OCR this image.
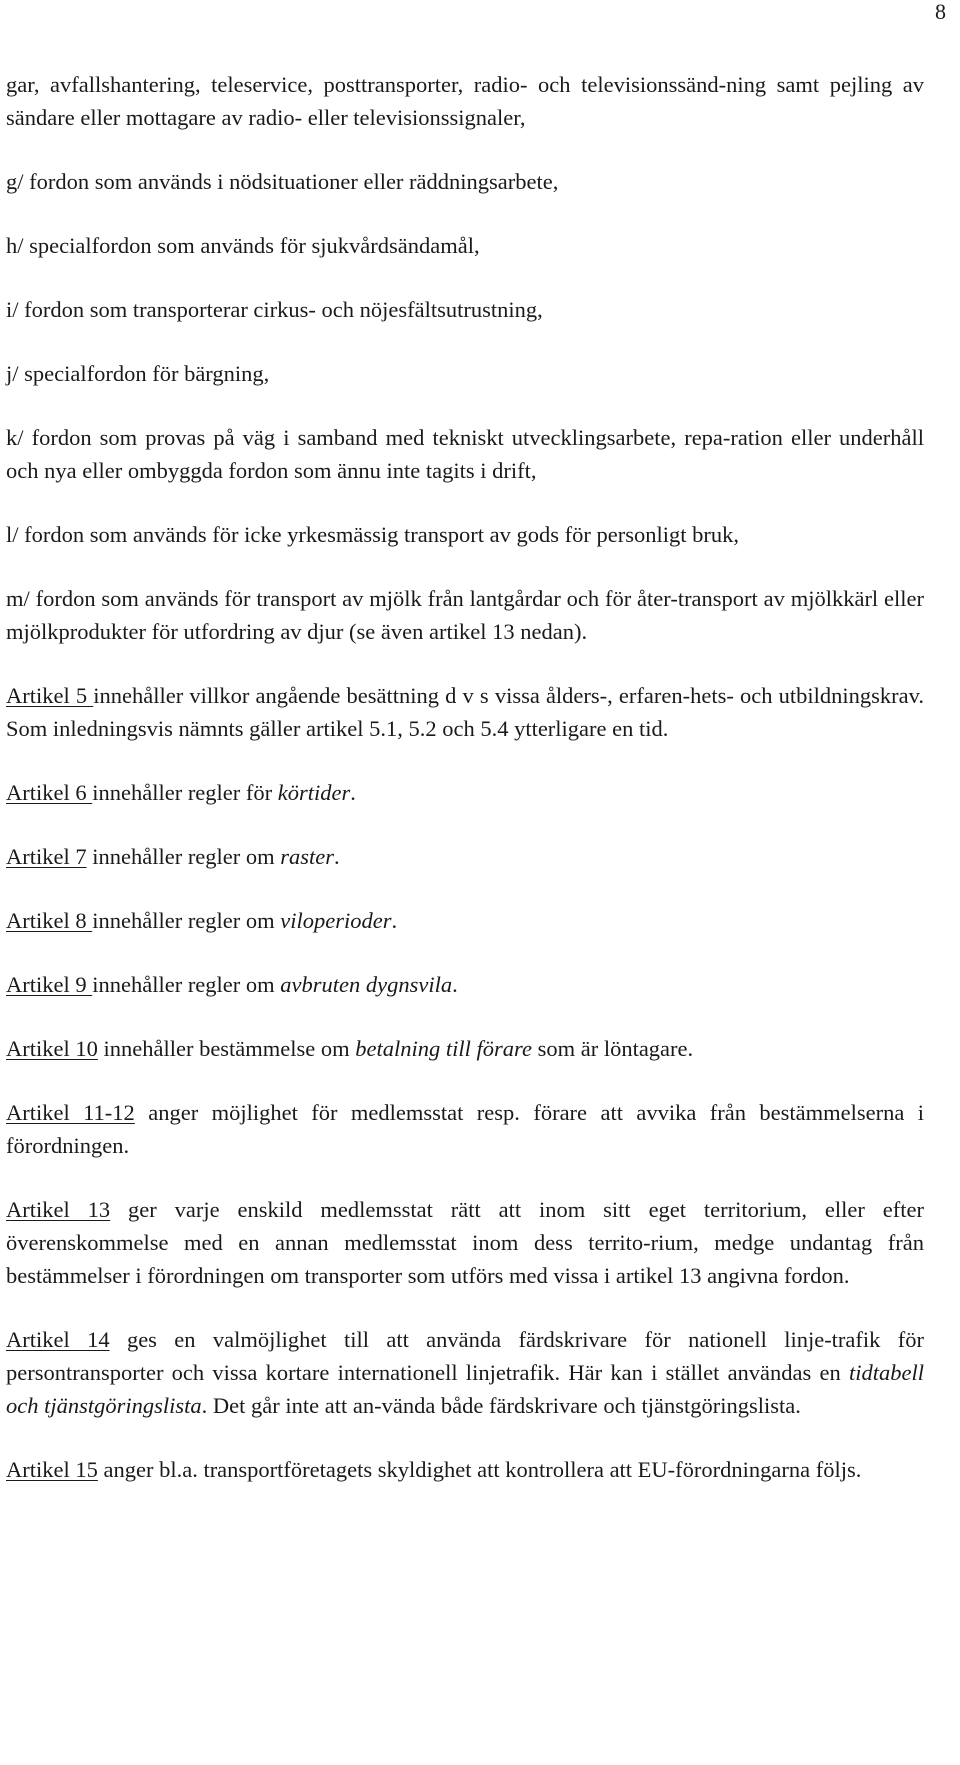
8

gar, avfallshantering, teleservice, posttransporter, radio- och televisionssänd-ning samt pejling av sändare eller mottagare av radio- eller televisionssignaler,

g/ fordon som används i nödsituationer eller räddningsarbete,

h/ specialfordon som används för sjukvårdsändamål,

i/ fordon som transporterar cirkus- och nöjesfältsutrustning,

j/ specialfordon för bärgning,

k/ fordon som provas på väg i samband med tekniskt utvecklingsarbete, repa-ration eller underhåll och nya eller ombyggda fordon som ännu inte tagits i drift,

l/ fordon som används för icke yrkesmässig transport av gods för personligt bruk,

m/ fordon som används för transport av mjölk från lantgårdar och för åter-transport av mjölkkärl eller mjölkprodukter för utfordring av djur (se även artikel 13 nedan).

Artikel 5 innehåller villkor angående besättning d v s vissa ålders-, erfaren-hets- och utbildningskrav. Som inledningsvis nämnts gäller artikel 5.1, 5.2 och 5.4 ytterligare en tid.

Artikel 6 innehåller regler för körtider.

Artikel 7 innehåller regler om raster.

Artikel 8 innehåller regler om viloperioder.

Artikel 9 innehåller regler om avbruten dygnsvila.

Artikel 10 innehåller bestämmelse om betalning till förare som är löntagare.

Artikel 11-12 anger möjlighet för medlemsstat resp. förare att avvika från bestämmelserna i förordningen.

Artikel 13 ger varje enskild medlemsstat rätt att inom sitt eget territorium, eller efter överenskommelse med en annan medlemsstat inom dess territo-rium, medge undantag från bestämmelser i förordningen om transporter som utförs med vissa i artikel 13 angivna fordon.

Artikel 14 ges en valmöjlighet till att använda färdskrivare för nationell linje-trafik för persontransporter och vissa kortare internationell linjetrafik. Här kan i stället användas en tidtabell och tjänstgöringslista. Det går inte att an-vända både färdskrivare och tjänstgöringslista.

Artikel 15 anger bl.a. transportföretagets skyldighet att kontrollera att EU-förordningarna följs.
